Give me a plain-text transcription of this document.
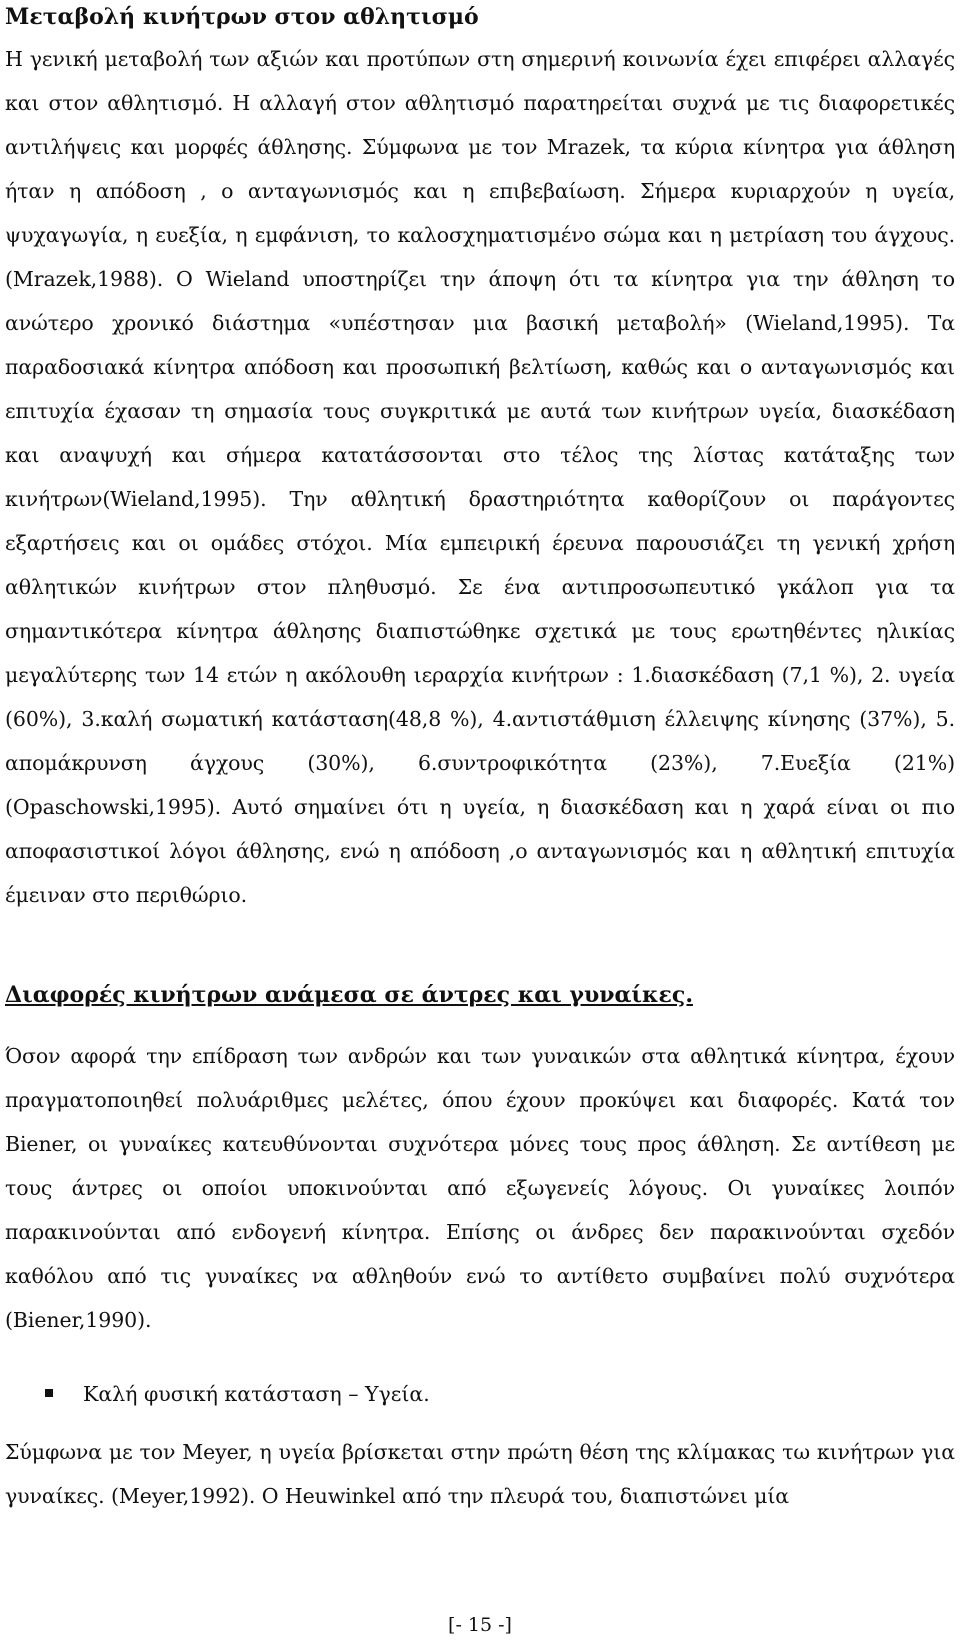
Μεταβολή κινήτρων στον αθλητισμό
Η γενική μεταβολή των αξιών και προτύπων στη σημερινή κοινωνία έχει επιφέρει αλλαγές και στον αθλητισμό. Η αλλαγή στον αθλητισμό παρατηρείται συχνά με τις διαφορετικές αντιλήψεις και μορφές άθλησης. Σύμφωνα με τον Mrazek, τα κύρια κίνητρα για άθληση ήταν η απόδοση , ο ανταγωνισμός και η επιβεβαίωση. Σήμερα κυριαρχούν η υγεία, ψυχαγωγία, η ευεξία, η εμφάνιση, το καλοσχηματισμένο σώμα και η μετρίαση του άγχους.(Mrazek,1988). O Wieland υποστηρίζει την άποψη ότι τα κίνητρα για την άθληση το ανώτερο χρονικό διάστημα «υπέστησαν μια βασική μεταβολή» (Wieland,1995). Τα παραδοσιακά κίνητρα απόδοση και προσωπική βελτίωση, καθώς και ο ανταγωνισμός και επιτυχία έχασαν τη σημασία τους συγκριτικά με αυτά των κινήτρων υγεία, διασκέδαση και αναψυχή και σήμερα κατατάσσονται στο τέλος της λίστας κατάταξης των κινήτρων(Wieland,1995). Την αθλητική δραστηριότητα καθορίζουν οι παράγοντες εξαρτήσεις και οι ομάδες στόχοι. Μία εμπειρική έρευνα παρουσιάζει τη γενική χρήση αθλητικών κινήτρων στον πληθυσμό. Σε ένα αντιπροσωπευτικό γκάλοπ για τα σημαντικότερα κίνητρα άθλησης διαπιστώθηκε σχετικά με τους ερωτηθέντες ηλικίας μεγαλύτερης των 14 ετών η ακόλουθη ιεραρχία κινήτρων : 1.διασκέδαση (7,1 %), 2. υγεία (60%), 3.καλή σωματική κατάσταση(48,8 %), 4.αντιστάθμιση έλλειψης κίνησης (37%), 5. απομάκρυνση άγχους (30%), 6.συντροφικότητα (23%), 7.Ευεξία (21%) (Opaschowski,1995). Αυτό σημαίνει ότι η υγεία, η διασκέδαση και η χαρά είναι οι πιο αποφασιστικοί λόγοι άθλησης, ενώ η απόδοση ,ο ανταγωνισμός και η αθλητική επιτυχία έμειναν στο περιθώριο.
Διαφορές κινήτρων ανάμεσα σε άντρες και γυναίκες.
Όσον αφορά την επίδραση των ανδρών και των γυναικών στα αθλητικά κίνητρα, έχουν πραγματοποιηθεί πολυάριθμες μελέτες, όπου έχουν προκύψει και διαφορές. Κατά τον Biener, οι γυναίκες κατευθύνονται συχνότερα μόνες τους προς άθληση. Σε αντίθεση με τους άντρες οι οποίοι υποκινούνται από εξωγενείς λόγους. Οι γυναίκες λοιπόν παρακινούνται από ενδογενή κίνητρα. Επίσης οι άνδρες δεν παρακινούνται σχεδόν καθόλου από τις γυναίκες να αθληθούν ενώ το αντίθετο συμβαίνει πολύ συχνότερα (Biener,1990).
Καλή φυσική κατάσταση – Υγεία.
Σύμφωνα με τον Meyer, η υγεία βρίσκεται στην πρώτη θέση της κλίμακας τω κινήτρων για γυναίκες. (Meyer,1992). Ο Heuwinkel από την πλευρά του, διαπιστώνει μία
[- 15 -]
